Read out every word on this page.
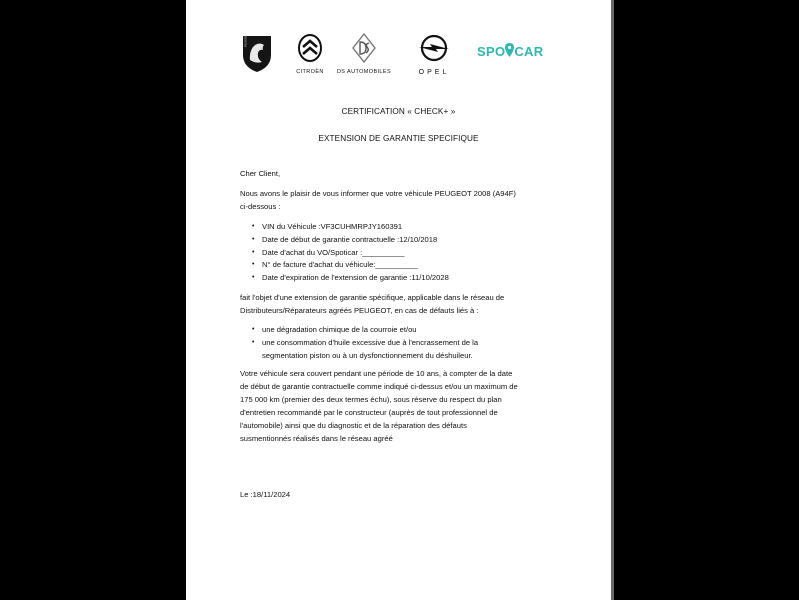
PEUGEOT
CITROËN	DS AUTOMOBILES	OPEL
SPO CAR
CERTIFICATION « CHECK+ »
EXTENSION DE GARANTIE SPECIFIQUE
Cher Client,
Nous avons le plaisir de vous informer que votre véhicule PEUGEOT 2008 (A94F)
ci-dessous :
• VIN du Véhicule :VF3CUHMRPJY160391
• Date de début de garantie contractuelle :12/10/2018
• Date d'achat du VO/Spoticar :__________
• N° de facture d'achat du véhicule:__________
• Date d'expiration de l'extension de garantie :11/10/2028
fait l'objet d'une extension de garantie spécifique, applicable dans le réseau de
Distributeurs/Réparateurs agréés PEUGEOT, en cas de défauts liés à :
• une dégradation chimique de la courroie et/ou
• une consommation d'huile excessive due à l'encrassement de la
segmentation piston ou à un dysfonctionnement du déshuileur.
Votre véhicule sera couvert pendant une période de 10 ans, à compter de la date
de début de garantie contractuelle comme indiqué ci-dessus et/ou un maximum de
175 000 km (premier des deux termes échu), sous réserve du respect du plan
d'entretien recommandé par le constructeur (auprès de tout professionnel de
l'automobile) ainsi que du diagnostic et de la réparation des défauts
susmentionnés réalisés dans le réseau agréé
Le :18/11/2024
